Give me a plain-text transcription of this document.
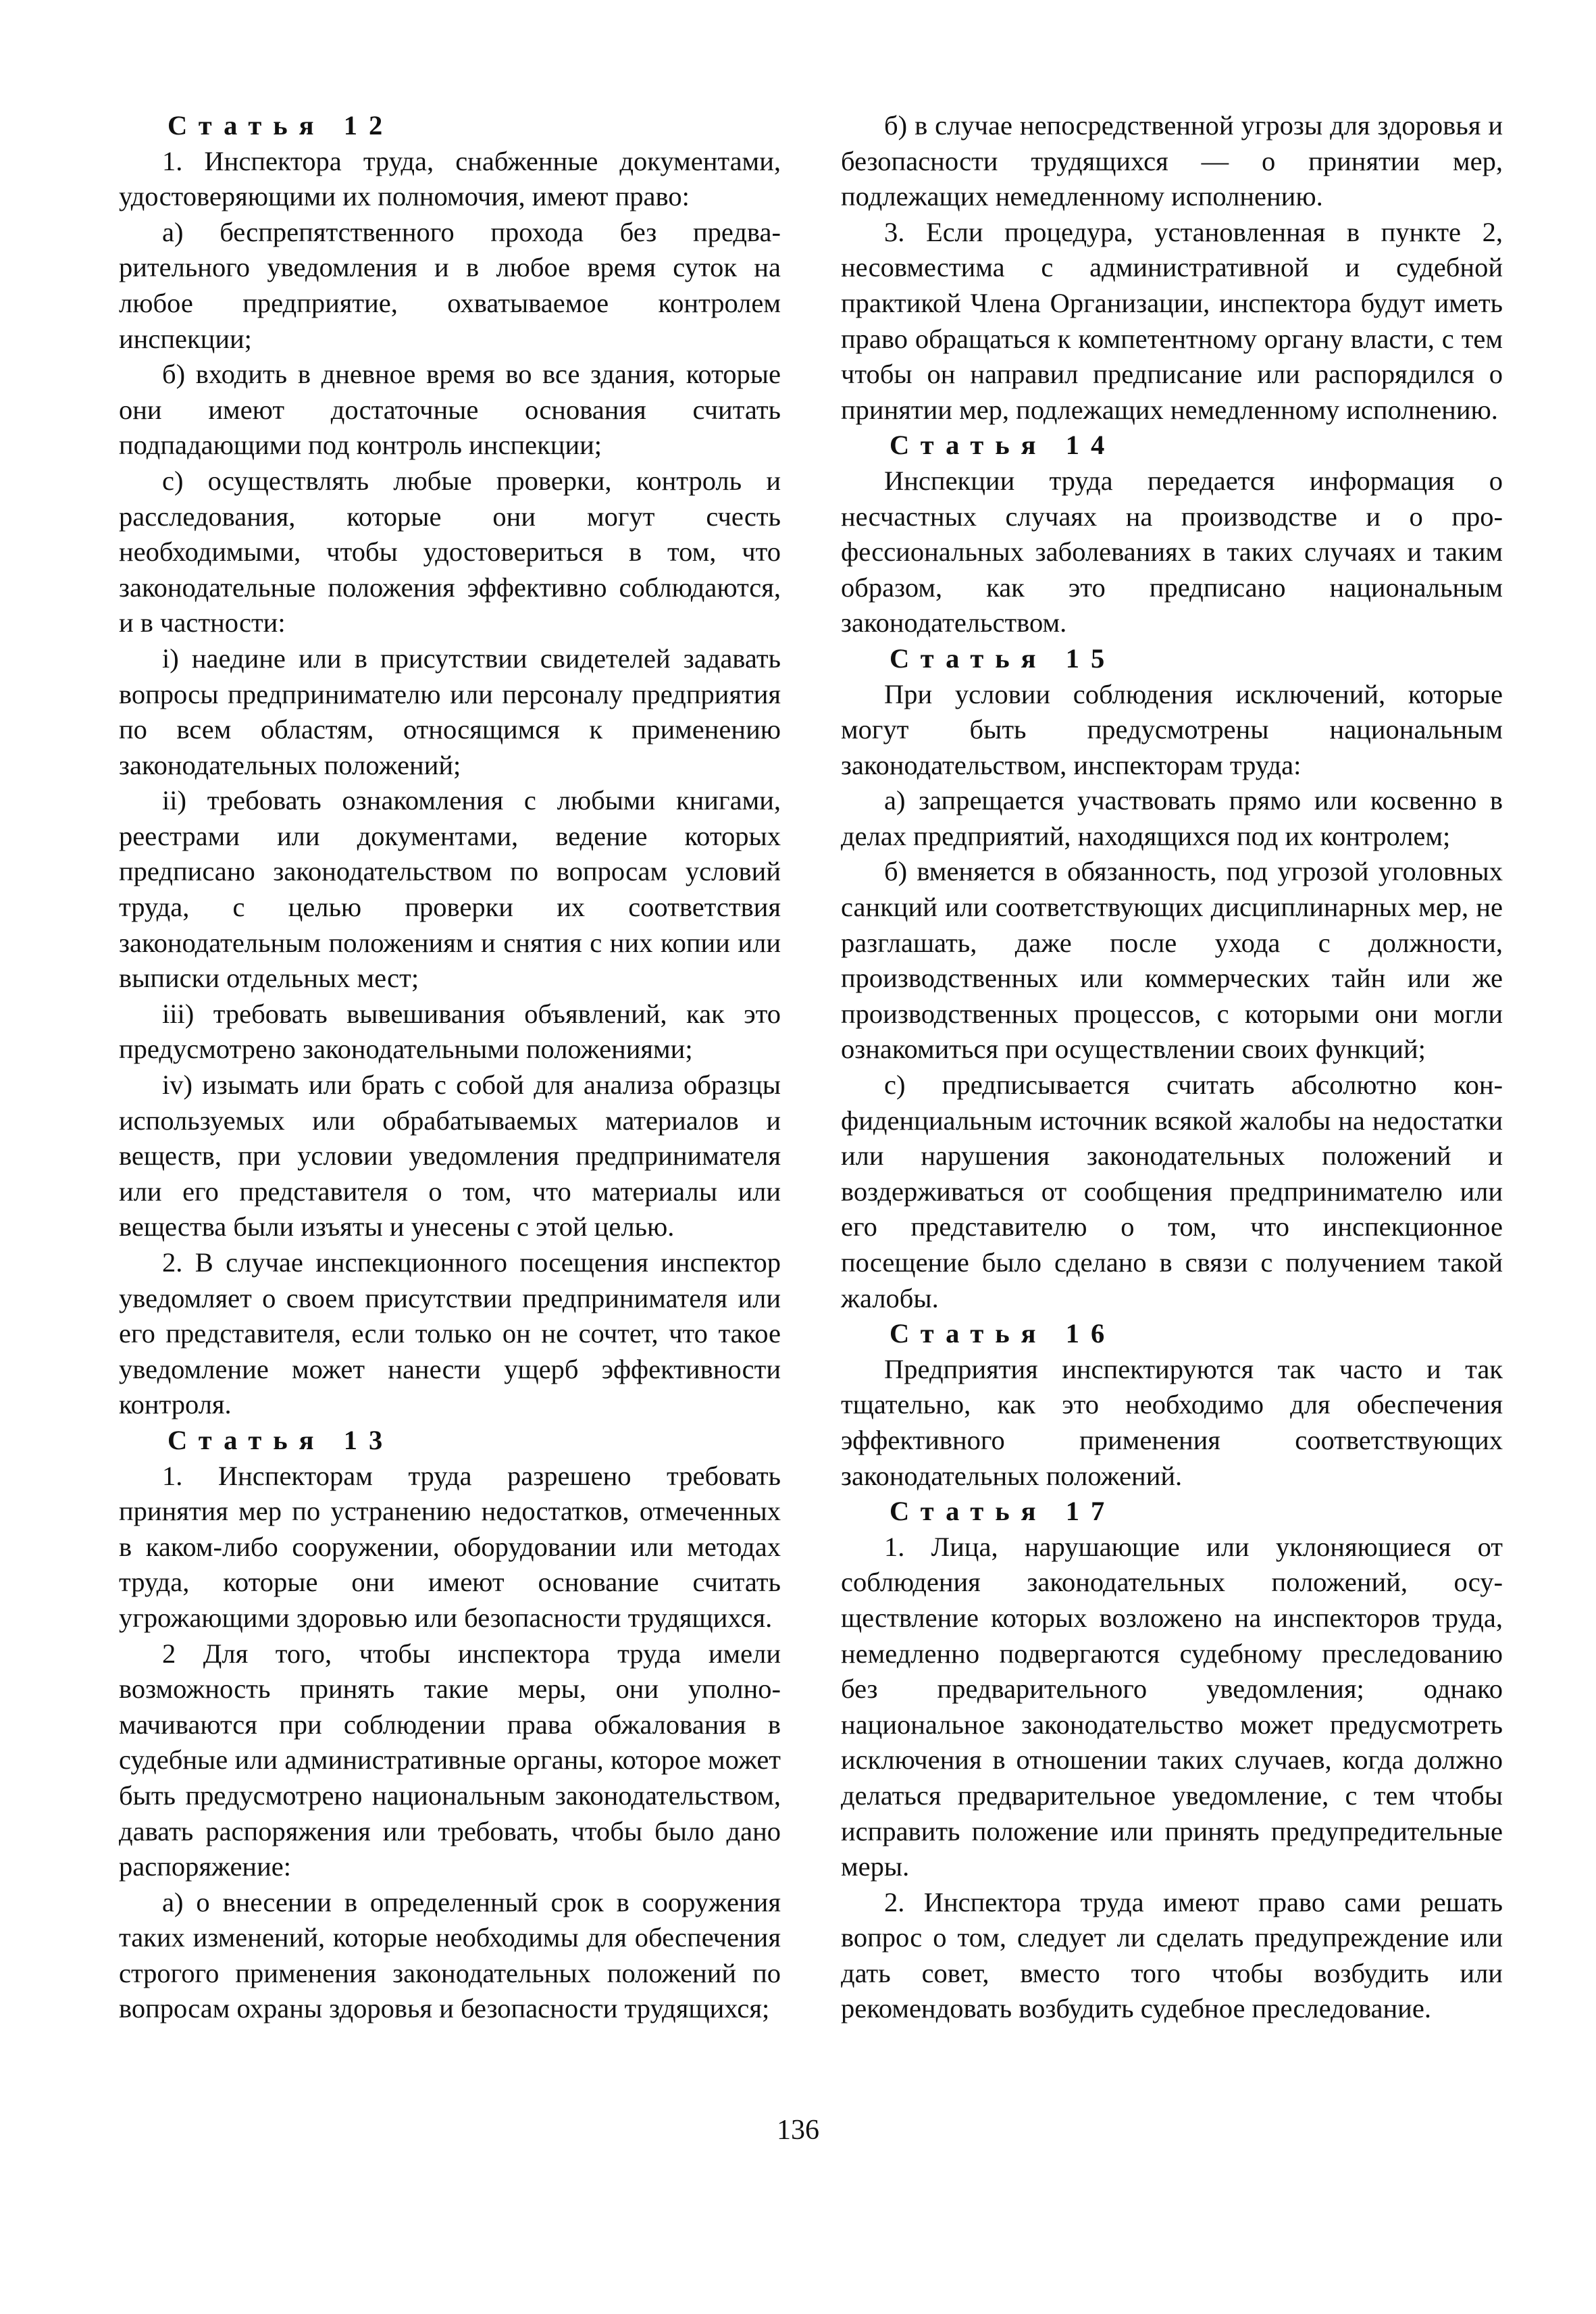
Статья 12

1. Инспектора труда, снабженные документами, удостоверяющими их полномочия, имеют право:

а) беспрепятственного прохода без предварительного уведомления и в любое время суток на любое предприятие, охватываемое контролем инспекции;

б) входить в дневное время во все здания, которые они имеют достаточные основания считать подпадающими под контроль инспекции;

с) осуществлять любые проверки, контроль и расследования, которые они могут счесть необходимыми, чтобы удостовериться в том, что законодательные положения эффективно соблюдаются, и в частности:

i) наедине или в присутствии свидетелей задавать вопросы предпринимателю или персоналу предприятия по всем областям, относящимся к применению законодательных положений;

ii) требовать ознакомления с любыми книгами, реестрами или документами, ведение которых предписано законодательством по вопросам условий труда, с целью проверки их соответствия законодательным положениям и снятия с них копии или выписки отдельных мест;

iii) требовать вывешивания объявлений, как это предусмотрено законодательными положениями;

iv) изымать или брать с собой для анализа образцы используемых или обрабатываемых материалов и веществ, при условии уведомления предпринимателя или его представителя о том, что материалы или вещества были изъяты и унесены с этой целью.

2. В случае инспекционного посещения инспектор уведомляет о своем присутствии предпринимателя или его представителя, если только он не сочтет, что такое уведомление может нанести ущерб эффективности контроля.

Статья 13

1. Инспекторам труда разрешено требовать принятия мер по устранению недостатков, отмеченных в каком-либо сооружении, оборудовании или методах труда, которые они имеют основание считать угрожающими здоровью или безопасности трудящихся.

2 Для того, чтобы инспектора труда имели возможность принять такие меры, они уполномачиваются при соблюдении права обжалования в судебные или административные органы, которое может быть предусмотрено национальным законодательством, давать распоряжения или требовать, чтобы было дано распоряжение:

а) о внесении в определенный срок в сооружения таких изменений, которые необходимы для обеспечения строгого применения законодательных положений по вопросам охраны здоровья и безопасности трудящихся;

б) в случае непосредственной угрозы для здоровья и безопасности трудящихся — о принятии мер, подлежащих немедленному исполнению.

3. Если процедура, установленная в пункте 2, несовместима с административной и судебной практикой Члена Организации, инспектора будут иметь право обращаться к компетентному органу власти, с тем чтобы он направил предписание или распорядился о принятии мер, подлежащих немедленному исполнению.

Статья 14

Инспекции труда передается информация о несчастных случаях на производстве и о профессиональных заболеваниях в таких случаях и таким образом, как это предписано национальным законодательством.

Статья 15

При условии соблюдения исключений, которые могут быть предусмотрены национальным законодательством, инспекторам труда:

а) запрещается участвовать прямо или косвенно в делах предприятий, находящихся под их контролем;

б) вменяется в обязанность, под угрозой уголовных санкций или соответствующих дисциплинарных мер, не разглашать, даже после ухода с должности, производственных или коммерческих тайн или же производственных процессов, с которыми они могли ознакомиться при осуществлении своих функций;

с) предписывается считать абсолютно конфиденциальным источник всякой жалобы на недостатки или нарушения законодательных положений и воздерживаться от сообщения предпринимателю или его представителю о том, что инспекционное посещение было сделано в связи с получением такой жалобы.

Статья 16

Предприятия инспектируются так часто и так тщательно, как это необходимо для обеспечения эффективного применения соответствующих законодательных положений.

Статья 17

1. Лица, нарушающие или уклоняющиеся от соблюдения законодательных положений, осуществление которых возложено на инспекторов труда, немедленно подвергаются судебному преследованию без предварительного уведомления; однако национальное законодательство может предусмотреть исключения в отношении таких случаев, когда должно делаться предварительное уведомление, с тем чтобы исправить положение или принять предупредительные меры.

2. Инспектора труда имеют право сами решать вопрос о том, следует ли сделать предупреждение или дать совет, вместо того чтобы возбудить или рекомендовать возбудить судебное преследование.

136
